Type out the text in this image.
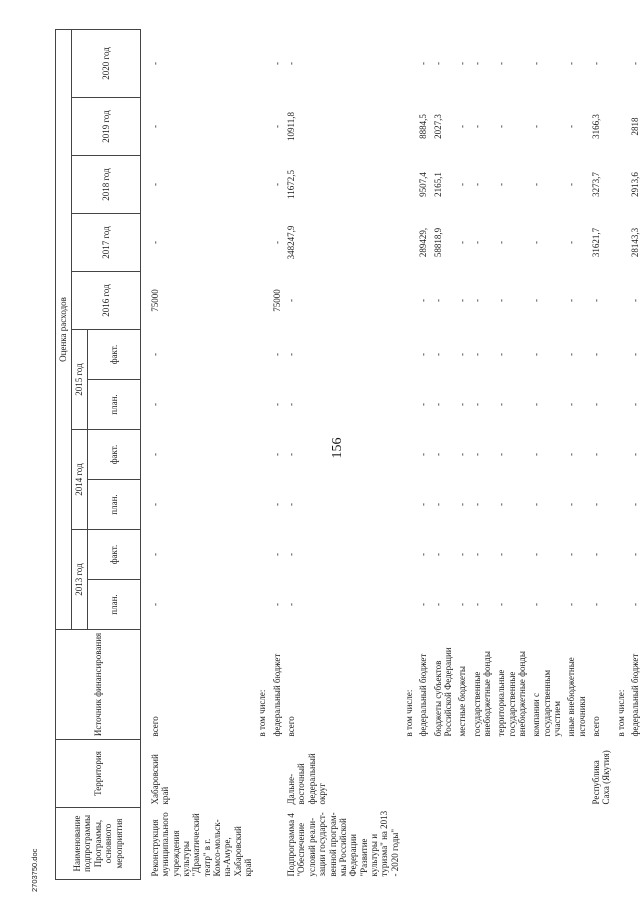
156
Наименование подпрограммы Программы, основного мероприятия	Территория	Источник финансирования	Оценка расходов										
			2013 год		2014 год		2015 год		2016 год	2017 год	2018 год	2019 год	2020 год
			план.	факт.	план.	факт.	план.	факт.					

Реконструкция муниципального учреждения культуры "Драматический театр" в г. Комсо-мольск-на-Амуре, Хабаровский край	Хабаровский край	всего	-	-	-	-	-	-	75000	-	-	-	-
		в том числе:											
		федеральный бюджет	-	-	-	-	-	-	75000	-	-	-	-
Подпрограмма 4 "Обеспечение условий реали-зации государст-венной програм-мы Российской Федерации "Развитие культуры и туризма" на 2013 - 2020 годы"	Дальне-восточный федеральный округ	всего	-	-	-	-	-	-	-	348247,9	11672,5	10911,8	-
		в том числе:											
		федеральный бюджет	-	-	-	-	-	-	-	289429,	9507,4	8884,5	-
		бюджеты субъектов Российской Федерации	-	-	-	-	-	-	-	58818,9	2165,1	2027,3	-
		местные бюджеты	-	-	-	-	-	-	-	-	-	-	-
		государственные внебюджетные фонды	-	-	-	-	-	-	-	-	-	-	-
		территориальные государственные внебюджетные фонды	-	-	-	-	-	-	-	-	-	-	-
		компании с государственным участием	-	-	-	-	-	-	-	-	-	-	-
		иные внебюджетные источники	-	-	-	-	-	-	-	-	-	-	-
	Республика Саха (Якутия)	всего	-	-	-	-	-	-	-	31621,7	3273,7	3166,3	-
		в том числе:											
		федеральный бюджет	-	-	-	-	-	-	-	28143,3	2913,6	2818	-
2703750.doc
